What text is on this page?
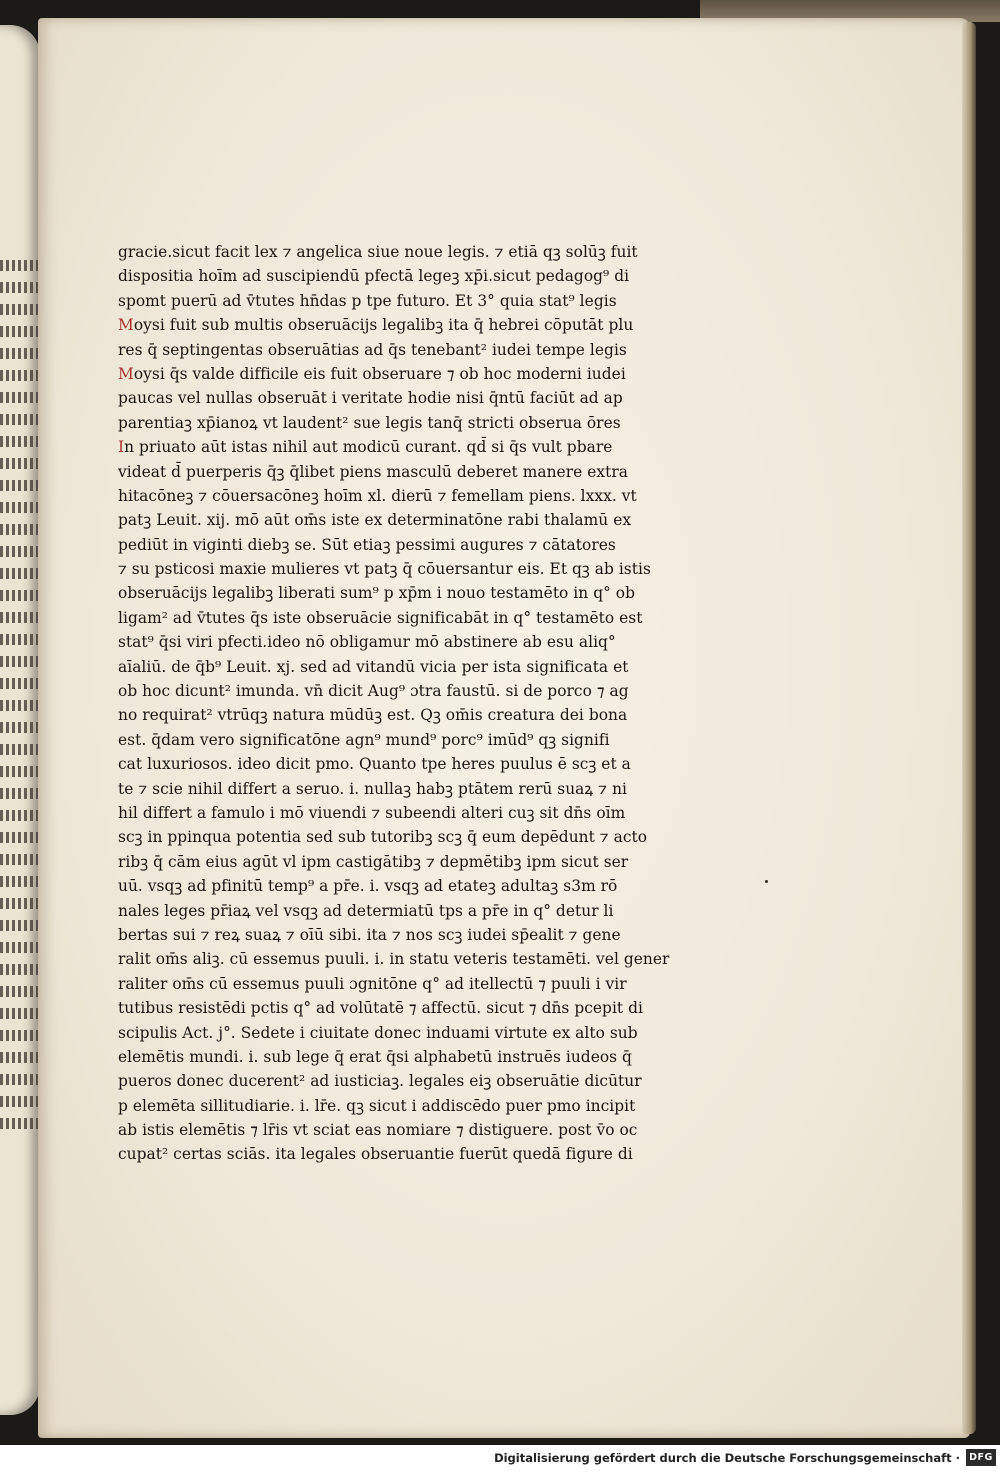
gracie.sicut facit lex ⁊ angelica siue noue legis. ⁊ etiā qꝫ solūꝫ fuit
dispositia hoīm ad suscipiendū pfectā legeꝫ xp̄i.sicut pedagog⁹ di
spomt puerū ad v̄tutes hn̄das p tpe futuro. Et 3° quia stat⁹ legis
Moysi fuit sub multis obseruācijs legalibꝫ ita q̄ hebrei cōputāt plu
res q̄ septingentas obseruātias ad q̄s tenebant² iudei tempe legis
Moysi q̄s valde difficile eis fuit obseruare ⁊ ob hoc moderni iudei
paucas vel nullas obseruāt i veritate hodie nisi q̄ntū faciūt ad ap
parentiaꝫ xp̄ianoꝝ vt laudent² sue legis tanq̄ stricti obserua ōres
In priuato aūt istas nihil aut modicū curant. qd̄ si q̄s vult pbare
videat d̄ puerperis q̄ꝫ q̄libet piens masculū deberet manere extra
hitacōneꝫ ⁊ cōuersacōneꝫ hoīm xl. dierū ⁊ femellam piens. lxxx. vt
patꝫ Leuit. xij. mō aūt om̄s iste ex determinatōne rabi thalamū ex
pediūt in viginti diebꝫ se. Sūt etiaꝫ pessimi augures ⁊ cātatores
⁊ su psticosi maxie mulieres vt patꝫ q̄ cōuersantur eis. Et qꝫ ab istis
obseruācijs legalibꝫ liberati sum⁹ p xp̄m i nouo testamēto in q° ob
ligam² ad v̄tutes q̄s iste obseruācie significabāt in q° testamēto est
stat⁹ q̄si viri pfecti.ideo nō obligamur mō abstinere ab esu aliq°
aīaliū. de q̄b⁹ Leuit. xj. sed ad vitandū vicia per ista significata et
ob hoc dicunt² imunda. vn̄ dicit Aug⁹ ɔtra faustū. si de porco ⁊ ag
no requirat² vtrūqꝫ natura mūdūꝫ est. Qꝫ om̄is creatura dei bona
est. q̄dam vero significatōne agn⁹ mund⁹ porc⁹ imūd⁹ qꝫ signifi
cat luxuriosos. ideo dicit pmo. Quanto tpe heres puulus ē scꝫ et a
te ⁊ scie nihil differt a seruo. i. nullaꝫ habꝫ ptātem rerū suaꝝ ⁊ ni
hil differt a famulo i mō viuendi ⁊ subeendi alteri cuꝫ sit dn̄s oīm
scꝫ in ppinqua potentia sed sub tutoribꝫ scꝫ q̄ eum depēdunt ⁊ acto
ribꝫ q̄ cām eius agūt vl ipm castigātibꝫ ⁊ depmētibꝫ ipm sicut ser
uū. vsqꝫ ad pfinitū temp⁹ a pr̄e. i. vsqꝫ ad etateꝫ adultaꝫ s3m rō
nales leges pr̄iaꝝ vel vsqꝫ ad determiatū tps a pr̄e in q° detur li
bertas sui ⁊ reꝝ suaꝝ ⁊ oīū sibi. ita ⁊ nos scꝫ iudei sp̄ealit ⁊ gene
ralit om̄s aliꝫ. cū essemus puuli. i. in statu veteris testamēti. vel gener
raliter om̄s cū essemus puuli ɔgnitōne q° ad itellectū ⁊ puuli i vir
tutibus resistēdi pctis q° ad volūtatē ⁊ affectū. sicut ⁊ dn̄s pcepit di
scipulis Act. j°. Sedete i ciuitate donec induami virtute ex alto sub
elemētis mundi. i. sub lege q̄ erat q̄si alphabetū instruēs iudeos q̄
pueros donec ducerent² ad iusticiaꝫ. legales eiꝫ obseruātie dicūtur
p elemēta sillitudiarie. i. lr̄e. qꝫ sicut i addiscēdo puer pmo incipit
ab istis elemētis ⁊ lr̄is vt sciat eas nomiare ⁊ distiguere. post v̄o oc
cupat² certas sciās. ita legales obseruantie fuerūt quedā figure di
Digitalisierung gefördert durch die Deutsche Forschungsgemeinschaft · DFG
